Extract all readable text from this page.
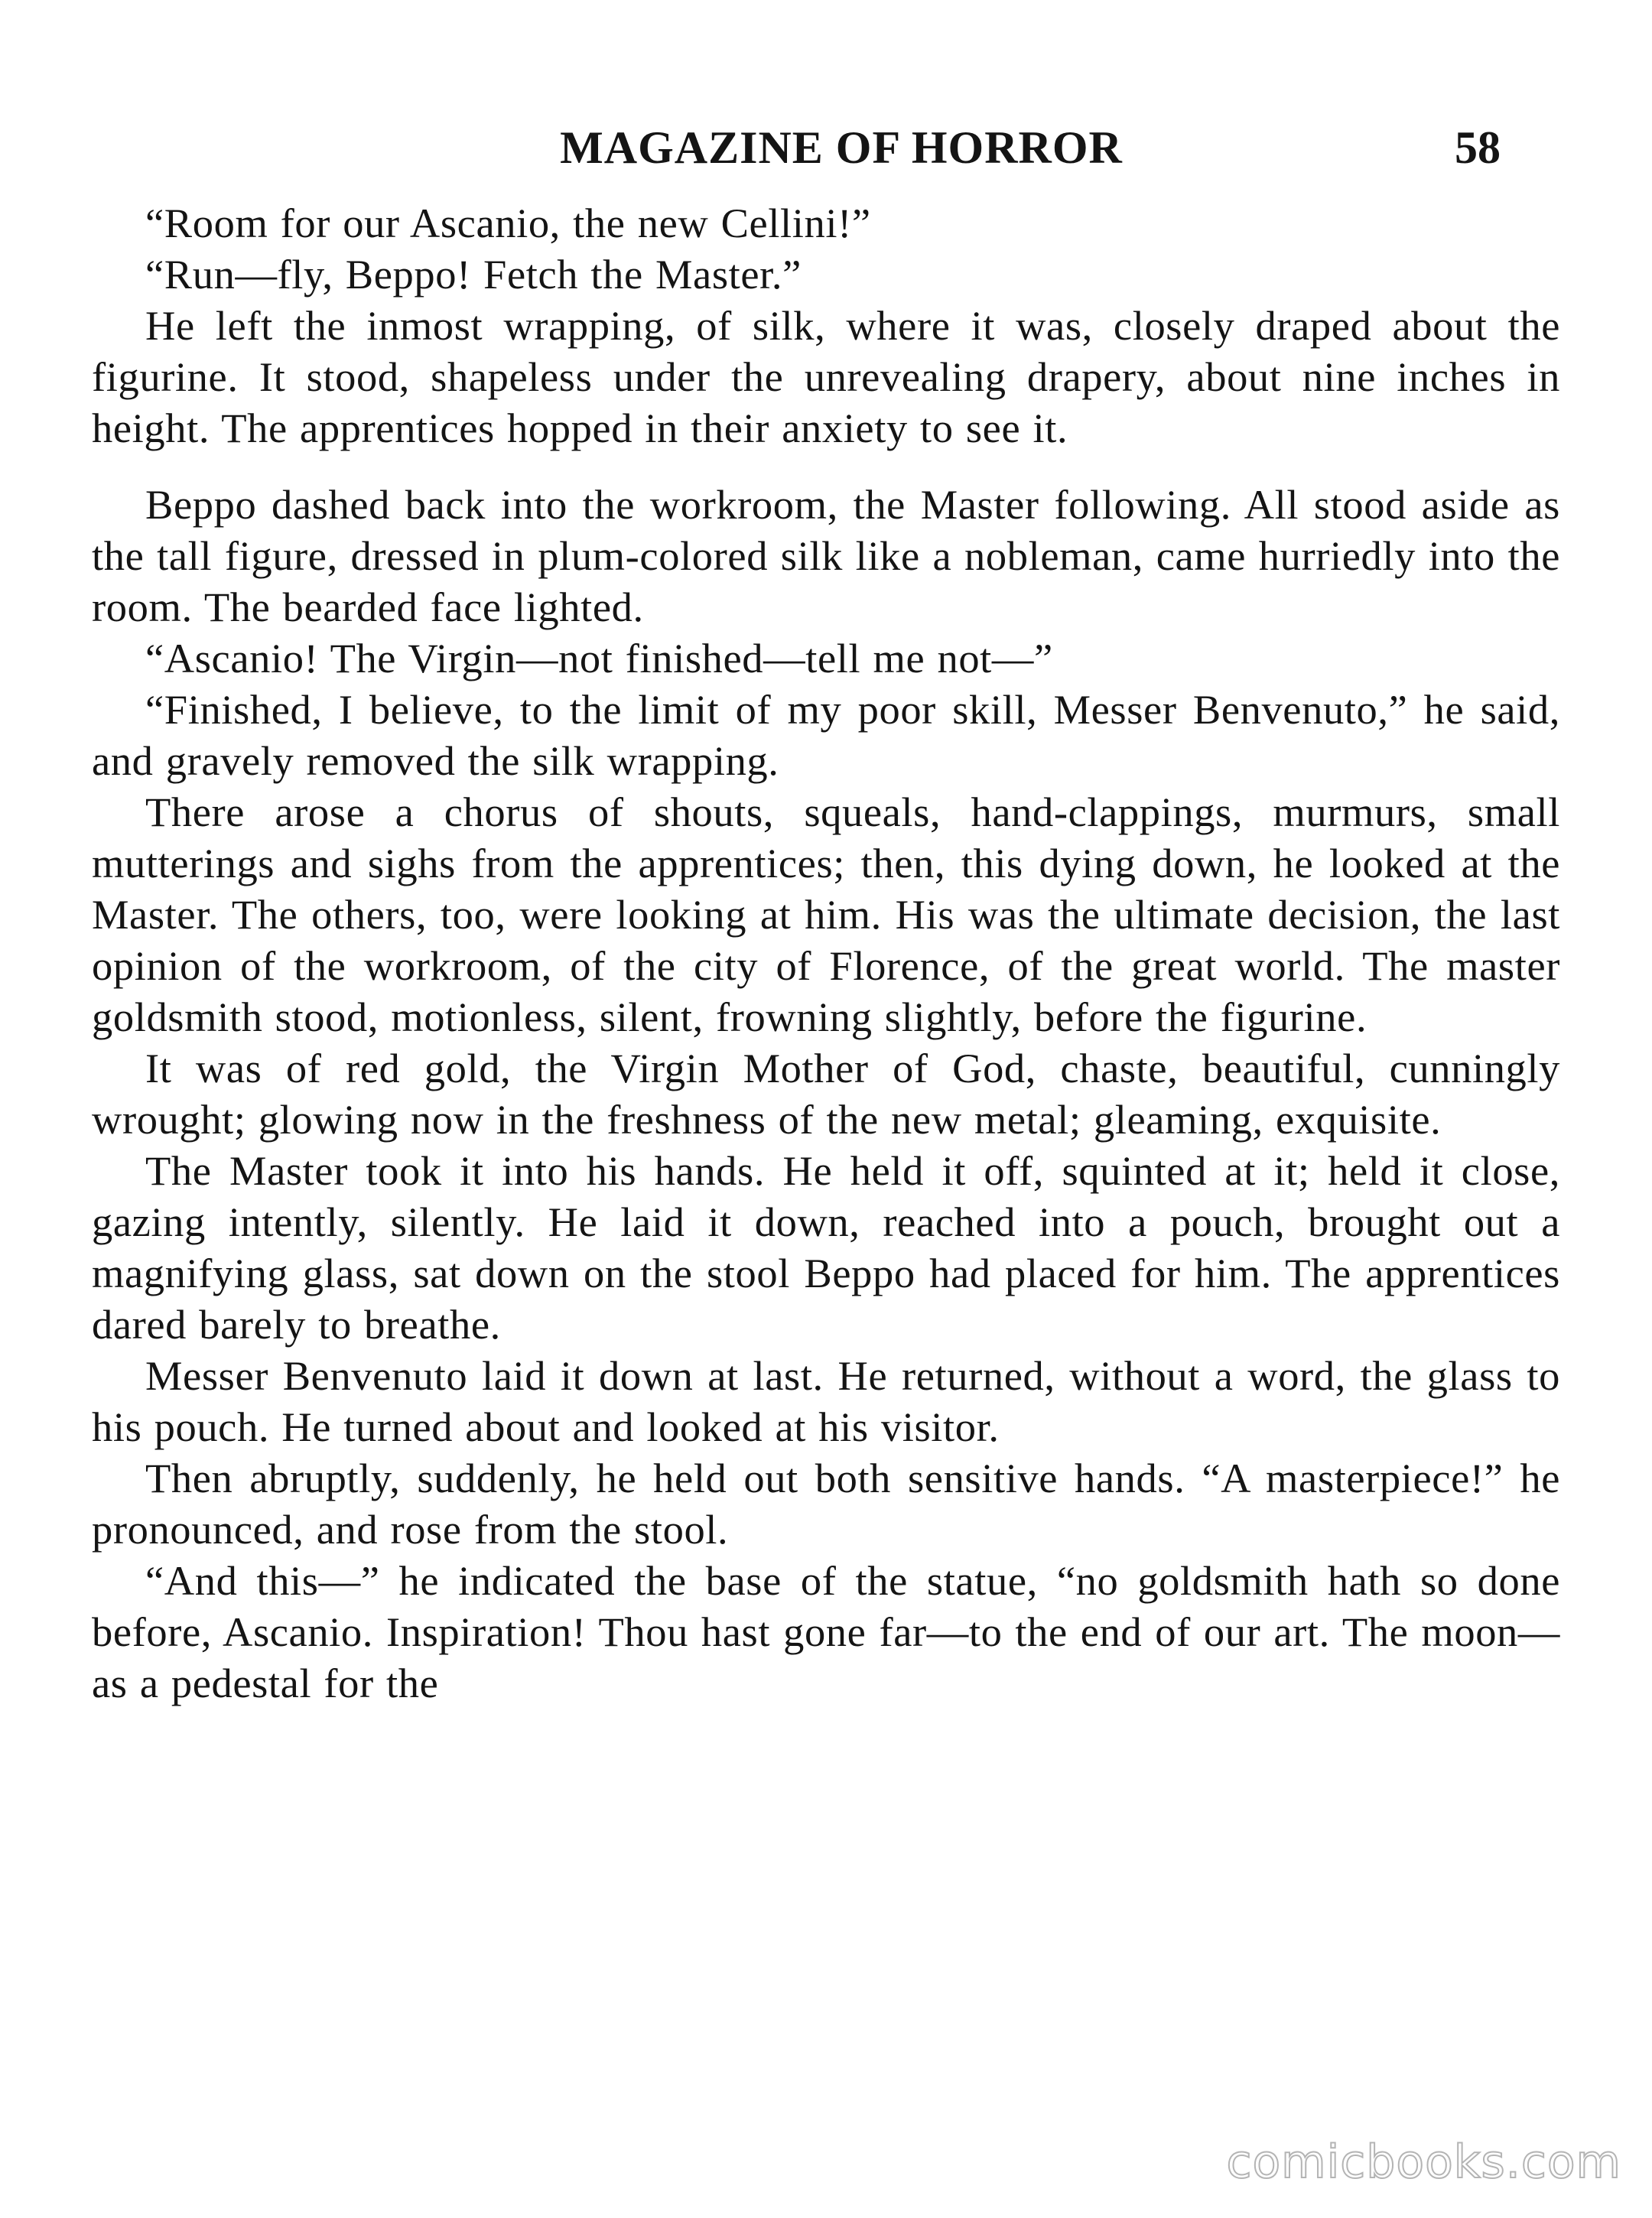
MAGAZINE OF HORROR	58

“Room for our Ascanio, the new Cellini!”

“Run—fly, Beppo! Fetch the Master.”

He left the inmost wrapping, of silk, where it was, closely draped about the figurine. It stood, shapeless under the unrevealing drapery, about nine inches in height. The apprentices hopped in their anxiety to see it.

Beppo dashed back into the workroom, the Master following. All stood aside as the tall figure, dressed in plum-colored silk like a nobleman, came hurriedly into the room. The bearded face lighted.

“Ascanio! The Virgin—not finished—tell me not—”

“Finished, I believe, to the limit of my poor skill, Messer Benvenuto,” he said, and gravely removed the silk wrapping.

There arose a chorus of shouts, squeals, hand-clappings, murmurs, small mutterings and sighs from the apprentices; then, this dying down, he looked at the Master. The others, too, were looking at him. His was the ultimate decision, the last opinion of the workroom, of the city of Florence, of the great world. The master goldsmith stood, motionless, silent, frowning slightly, before the figurine.

It was of red gold, the Virgin Mother of God, chaste, beautiful, cunningly wrought; glowing now in the freshness of the new metal; gleaming, exquisite.

The Master took it into his hands. He held it off, squinted at it; held it close, gazing intently, silently. He laid it down, reached into a pouch, brought out a magnifying glass, sat down on the stool Beppo had placed for him. The apprentices dared barely to breathe.

Messer Benvenuto laid it down at last. He returned, without a word, the glass to his pouch. He turned about and looked at his visitor.

Then abruptly, suddenly, he held out both sensitive hands. “A masterpiece!” he pronounced, and rose from the stool.

“And this—” he indicated the base of the statue, “no goldsmith hath so done before, Ascanio. Inspiration! Thou hast gone far—to the end of our art. The moon—as a pedestal for the

comicbooks.com
